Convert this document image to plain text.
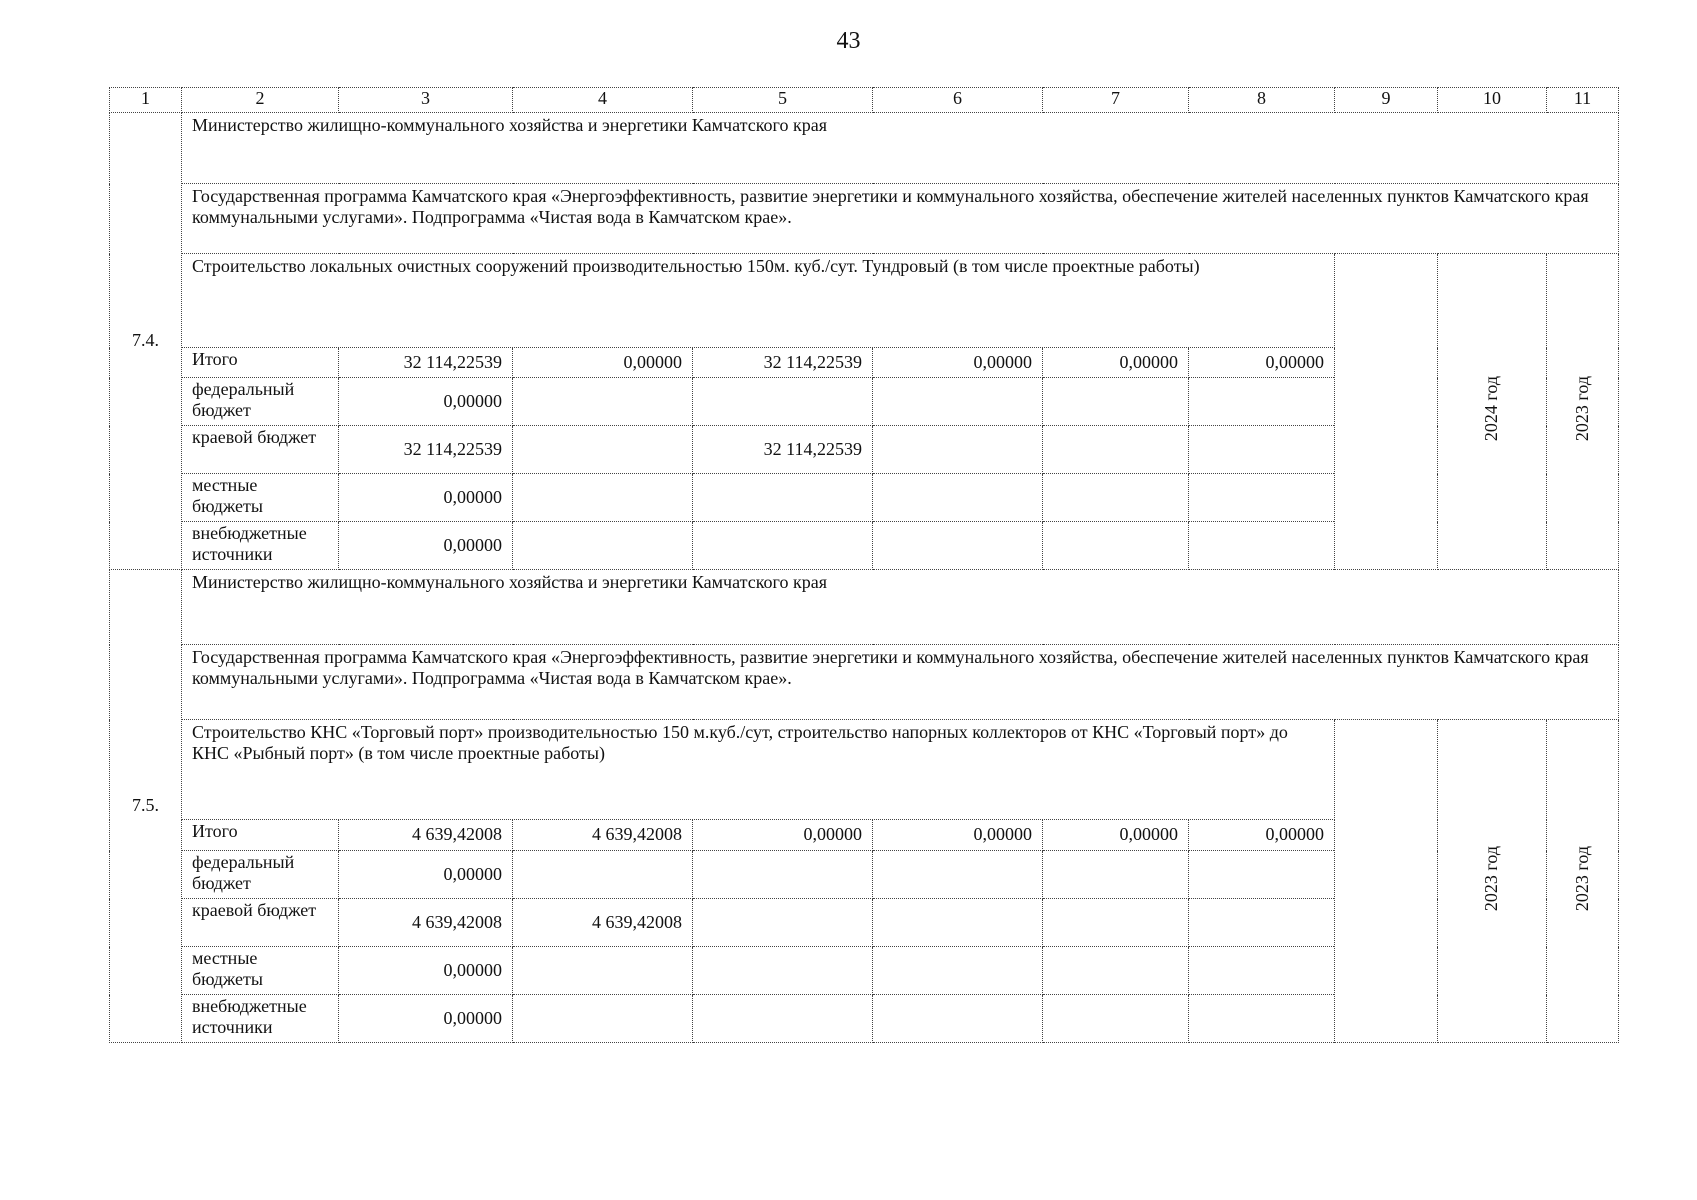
43
1	2	3	4	5	6	7	8	9	10	11
7.4.	Министерство жилищно-коммунального хозяйства и энергетики Камчатского края									
	Государственная программа Камчатского края «Энергоэффективность, развитие энергетики и коммунального хозяйства, обеспечение жителей населенных пунктов Камчатского края коммунальными услугами». Подпрограмма «Чистая вода в Камчатском крае».									
	Строительство локальных очистных сооружений производительностью 150м. куб./сут. Тундровый (в том числе проектные работы)								2024 год	2023 год
	Итого	32 114,22539	0,00000	32 114,22539	0,00000	0,00000	0,00000			
	федеральный бюджет	0,00000								
	краевой бюджет	32 114,22539		32 114,22539						
	местные бюджеты	0,00000								
	внебюджетные источники	0,00000								
7.5.	Министерство жилищно-коммунального хозяйства и энергетики Камчатского края									
	Государственная программа Камчатского края «Энергоэффективность, развитие энергетики и коммунального хозяйства, обеспечение жителей населенных пунктов Камчатского края коммунальными услугами». Подпрограмма «Чистая вода в Камчатском крае».									
	Строительство КНС «Торговый порт» производительностью 150 м.куб./сут, строительство напорных коллекторов от КНС «Торговый порт» до КНС «Рыбный порт» (в том числе проектные работы)								2023 год	2023 год
	Итого	4 639,42008	4 639,42008	0,00000	0,00000	0,00000	0,00000			
	федеральный бюджет	0,00000								
	краевой бюджет	4 639,42008	4 639,42008							
	местные бюджеты	0,00000								
	внебюджетные источники	0,00000								
